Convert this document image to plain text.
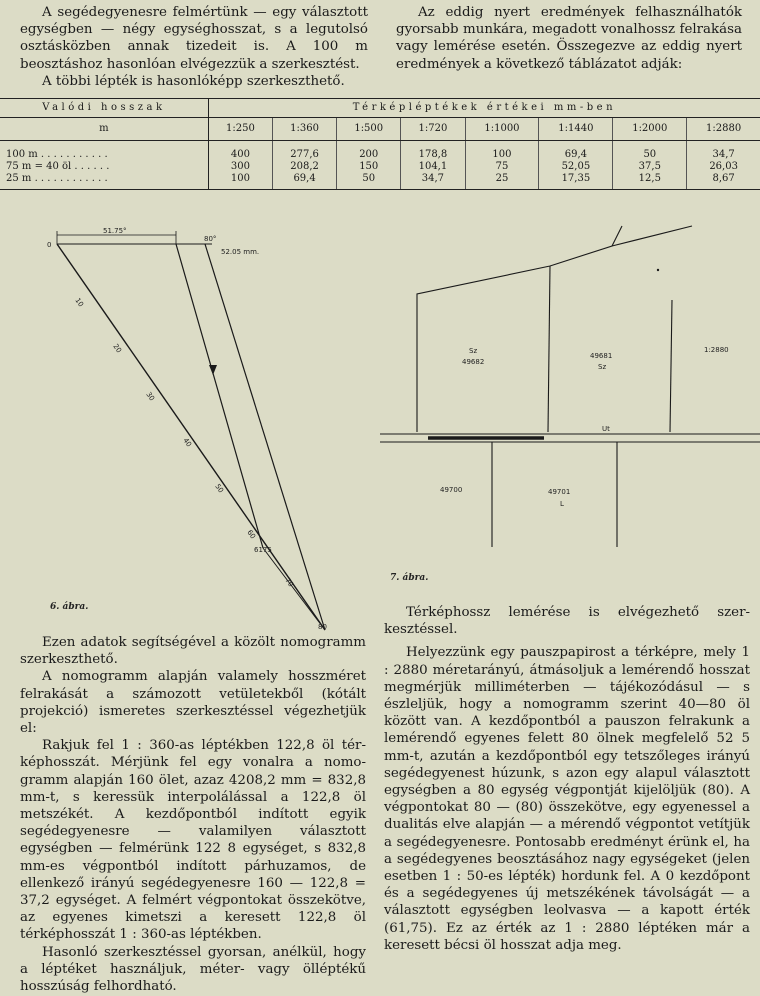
A segédegyenesre felmértünk — egy választott egységben — négy egységhosszat, s a legutolsó osztásközben annak tizedeit is. A 100 m beosztáshoz hasonlóan elvégezzük a szerkesztést.

A többi lépték is hasonlóképp szerkeszthető.

Az eddig nyert eredmények felhasználhatók gyorsabb munkára, megadott vonalhossz felrakása vagy lemérése esetén. Összegezve az eddig nyert eredmények a következő táblázatot adják:

Valódi hosszak	Térképléptékek értékei mm-ben							
m	1:250	1:360	1:500	1:720	1:1000	1:1440	1:2000	1:2880
100 m . . . . . . . . . . .	400	277,6	200	178,8	100	69,4	50	34,7
75 m = 40 öl . . . . . .	300	208,2	150	104,1	75	52,05	37,5	26,03
25 m . . . . . . . . . . . .	100	69,4	50	34,7	25	17,35	12,5	8,67
51.75°
52.05 mm.
0
80°
80
10
20
30
40
50
60
70
6175
6. ábra.
Sz
49682
49681
Sz
1:2880
Ut
49700	49701
L
7. ábra.

Ezen adatok segítségével a közölt nomogramm szerkeszthető.

A nomogramm alapján valamely hosszméret felrakását a számozott vetületekből (kótált projekció) ismeretes szerkesztéssel végezhetjük el:

Rakjuk fel 1 : 360-as léptékben 122,8 öl térképhosszát. Mérjünk fel egy vonalra a nomogramm alapján 160 ölet, azaz 4208,2 mm = 832,8 mm-t, s keressük interpolálással a 122,8 öl metszékét. A kezdőpontból indított egyik segédegyenesre — valamilyen választott egységben — felmérünk 122 8 egységet, s 832,8 mm-es végpontból indított párhuzamos, de ellenkező irányú segédegyenesre 160 — 122,8 = 37,2 egységet. A felmért végpontokat összekötve, az egyenes kimetszi a keresett 122,8 öl térképhosszát 1 : 360-as léptékben.

Hasonló szerkesztéssel gyorsan, anélkül, hogy a léptéket használjuk, méter- vagy ölléptékű hosszúság felhordható.

Térképhossz lemérése is elvégezhető szerkesztéssel.

Helyezzünk egy pauszpapirost a térképre, mely 1 : 2880 méretarányú, átmásoljuk a lemérendő hosszat megmérjük milliméterben — tájékozódásul — s észleljük, hogy a nomogramm szerint 40—80 öl között van. A kezdőpontból a pauszon felrakunk a lemérendő egyenes felett 80 ölnek megfelelő 52 5 mm-t, azután a kezdőpontból egy tetszőleges irányú segédegyenest húzunk, s azon egy alapul választott egységben a 80 egység végpontját kijelöljük (80). A végpontokat 80 — (80) összekötve, egy egyenessel a dualitás elve alapján — a mérendő végpontot vetítjük a segédegyenesre. Pontosabb eredményt érünk el, ha a segédegyenes beosztásához nagy egységeket (jelen esetben 1 : 50-es lépték) hordunk fel. A 0 kezdőpont és a segédegyenes új metszékének távolságát — a választott egységben leolvasva — a kapott érték (61,75). Ez az érték az 1 : 2880 léptéken már a keresett bécsi öl hosszat adja meg.
